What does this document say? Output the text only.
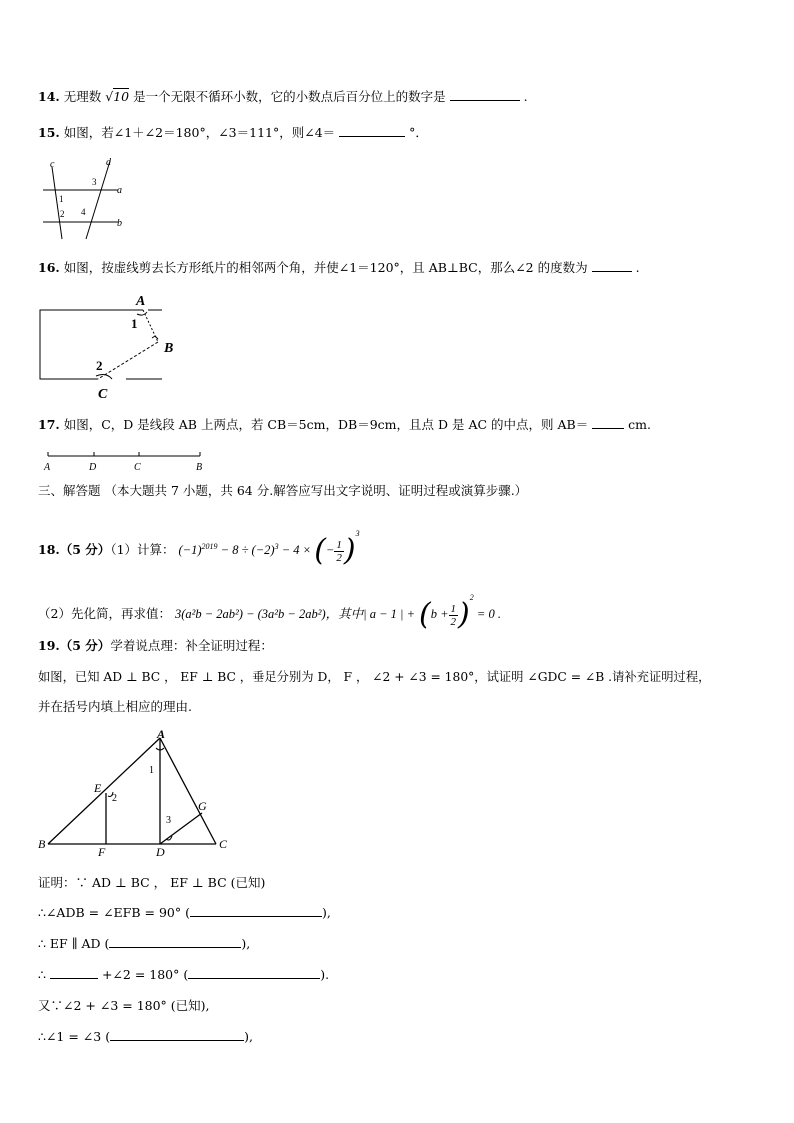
14. 无理数 √10 是一个无限不循环小数，它的小数点后百分位上的数字是	.
15. 如图，若∠1＋∠2＝180°，∠3＝111°，则∠4＝	°．
c	d
a
b
1
2
3
4
16. 如图，按虚线剪去长方形纸片的相邻两个角，并使∠1＝120°，且 AB⊥BC，那么∠2 的度数为	.
A
B
C
1
2
17. 如图，C，D 是线段 AB 上两点，若 CB＝5cm，DB＝9cm，且点 D 是 AC 的中点，则 AB＝	cm.
A	D	C	B
三、解答题 （本大题共 7 小题，共 64 分.解答应写出文字说明、证明过程或演算步骤.）
18.（5 分）（1）计算： $(-1)^{2019} - 8 \div (-2)^3 - 4$ × (− $\frac{1}{2} )^3$
（2）先化简，再求值： 3(a²b − 2ab²) − (3a²b − 2ab²)，其中| a − 1 | + $(b + \frac{1}{2} )^2 = 0$ .
19.（5 分）学着说点理：补全证明过程：
如图，已知 AD ⊥ BC ， EF ⊥ BC ，垂足分别为 D， F ， ∠2 + ∠3 = 180°，试证明 ∠GDC = ∠B .请补充证明过程，
并在括号内填上相应的理由.
A
B	C
D
E
F
G
1
2
3
证明：∵ AD ⊥ BC ， EF ⊥ BC (已知)
∴∠ADB = ∠EFB = 90° (	),
∴ EF ∥ AD (	),
∴	+∠2 = 180° (	).
又∵∠2 + ∠3 = 180° (已知),
∴∠1 = ∠3 (	),
